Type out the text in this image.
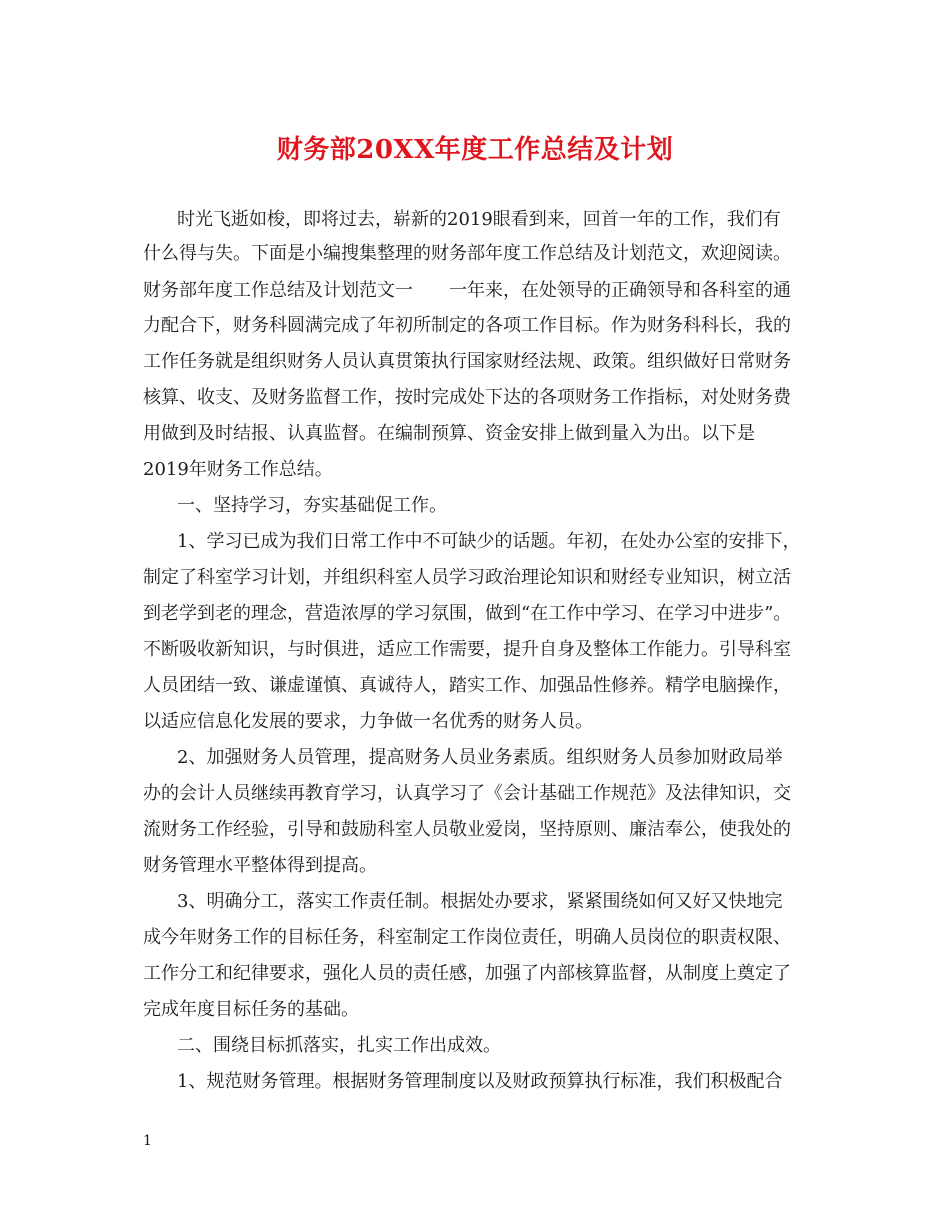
财务部20XX年度工作总结及计划

时光飞逝如梭，即将过去，崭新的2019眼看到来，回首一年的工作，我们有

什么得与失。下面是小编搜集整理的财务部年度工作总结及计划范文，欢迎阅读。

财务部年度工作总结及计划范文一　　一年来，在处领导的正确领导和各科室的通

力配合下，财务科圆满完成了年初所制定的各项工作目标。作为财务科科长，我的

工作任务就是组织财务人员认真贯策执行国家财经法规、政策。组织做好日常财务

核算、收支、及财务监督工作，按时完成处下达的各项财务工作指标，对处财务费

用做到及时结报、认真监督。在编制预算、资金安排上做到量入为出。以下是

2019年财务工作总结。

一、坚持学习，夯实基础促工作。

1、学习已成为我们日常工作中不可缺少的话题。年初，在处办公室的安排下，

制定了科室学习计划，并组织科室人员学习政治理论知识和财经专业知识，树立活

到老学到老的理念，营造浓厚的学习氛围，做到“在工作中学习、在学习中进步”。

不断吸收新知识，与时俱进，适应工作需要，提升自身及整体工作能力。引导科室

人员团结一致、谦虚谨慎、真诚待人，踏实工作、加强品性修养。精学电脑操作，

以适应信息化发展的要求，力争做一名优秀的财务人员。

2、加强财务人员管理，提高财务人员业务素质。组织财务人员参加财政局举

办的会计人员继续再教育学习，认真学习了《会计基础工作规范》及法律知识，交

流财务工作经验，引导和鼓励科室人员敬业爱岗，坚持原则、廉洁奉公，使我处的

财务管理水平整体得到提高。

3、明确分工，落实工作责任制。根据处办要求，紧紧围绕如何又好又快地完

成今年财务工作的目标任务，科室制定工作岗位责任，明确人员岗位的职责权限、

工作分工和纪律要求，强化人员的责任感，加强了内部核算监督，从制度上奠定了

完成年度目标任务的基础。

二、围绕目标抓落实，扎实工作出成效。

1、规范财务管理。根据财务管理制度以及财政预算执行标准，我们积极配合

1
